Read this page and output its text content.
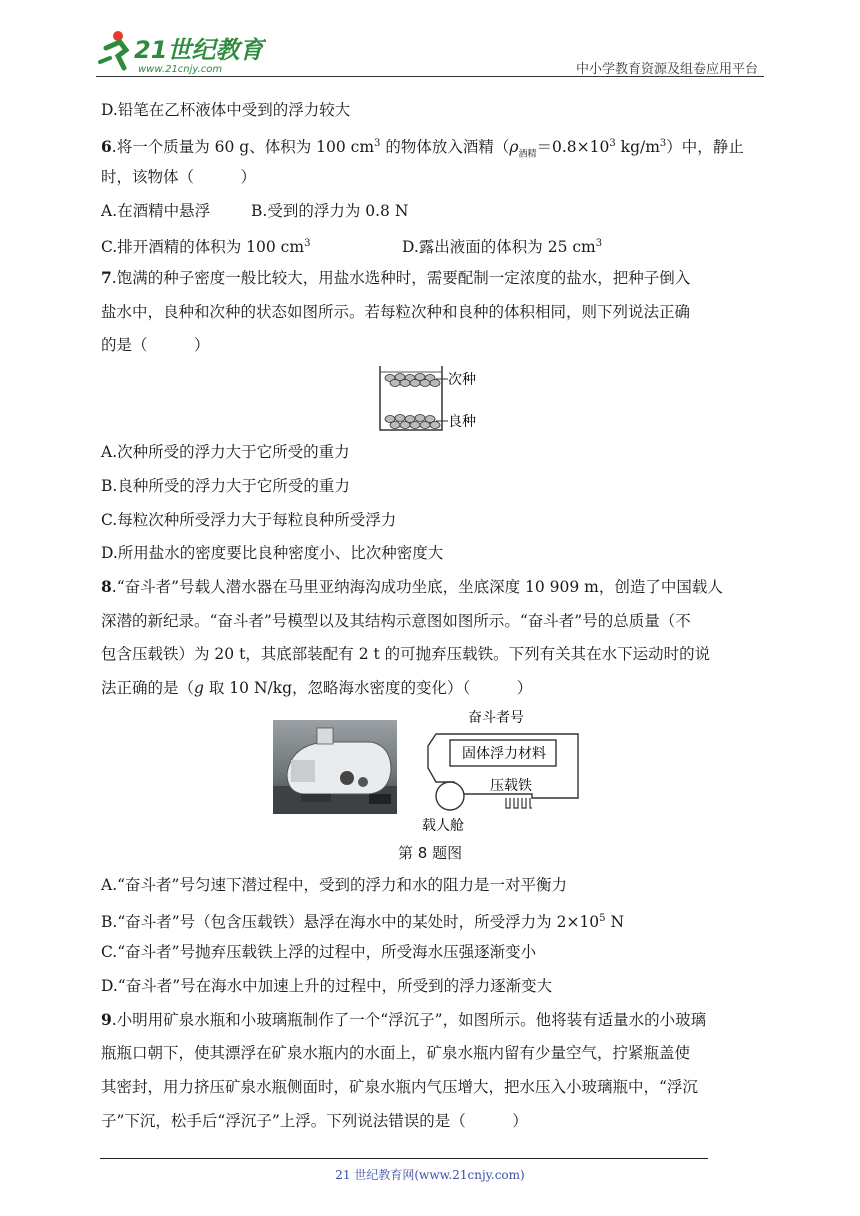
21世纪教育
www.21cnjy.com	中小学教育资源及组卷应用平台
D.铅笔在乙杯液体中受到的浮力较大
6.将一个质量为 60 g、体积为 100 $cm^3$ 的物体放入酒精（$\rho_{酒精}=0.8\times 10^3$ $kg/m^3$）中，静止
时，该物体（　　　）
A.在酒精中悬浮	B.受到的浮力为 0.8 N
C.排开酒精的体积为 100 $cm^3$	D.露出液面的体积为 25 $cm^3$
7.饱满的种子密度一般比较大，用盐水选种时，需要配制一定浓度的盐水，把种子倒入
盐水中，良种和次种的状态如图所示。若每粒次种和良种的体积相同，则下列说法正确
的是（　　　）
次种
良种
A.次种所受的浮力大于它所受的重力
B.良种所受的浮力大于它所受的重力
C.每粒次种所受浮力大于每粒良种所受浮力
D.所用盐水的密度要比良种密度小、比次种密度大
8.“奋斗者”号载人潜水器在马里亚纳海沟成功坐底，坐底深度 10 909 m，创造了中国载人
深潜的新纪录。“奋斗者”号模型以及其结构示意图如图所示。“奋斗者”号的总质量（不
包含压载铁）为 20 t，其底部装配有 2 t 的可抛弃压载铁。下列有关其在水下运动时的说
法正确的是（g 取 10 N/kg，忽略海水密度的变化）（　　　）
奋斗者号
固体浮力材料
压载铁
载人舱
第 8 题图
A.“奋斗者”号匀速下潜过程中，受到的浮力和水的阻力是一对平衡力
B.“奋斗者”号（包含压载铁）悬浮在海水中的某处时，所受浮力为 $2\times 10^5$ N
C.“奋斗者”号抛弃压载铁上浮的过程中，所受海水压强逐渐变小
D.“奋斗者”号在海水中加速上升的过程中，所受到的浮力逐渐变大
9.小明用矿泉水瓶和小玻璃瓶制作了一个“浮沉子”，如图所示。他将装有适量水的小玻璃
瓶瓶口朝下，使其漂浮在矿泉水瓶内的水面上，矿泉水瓶内留有少量空气，拧紧瓶盖使
其密封，用力挤压矿泉水瓶侧面时，矿泉水瓶内气压增大，把水压入小玻璃瓶中，“浮沉
子”下沉，松手后“浮沉子”上浮。下列说法错误的是（　　　）
21 世纪教育网(www.21cnjy.com)
